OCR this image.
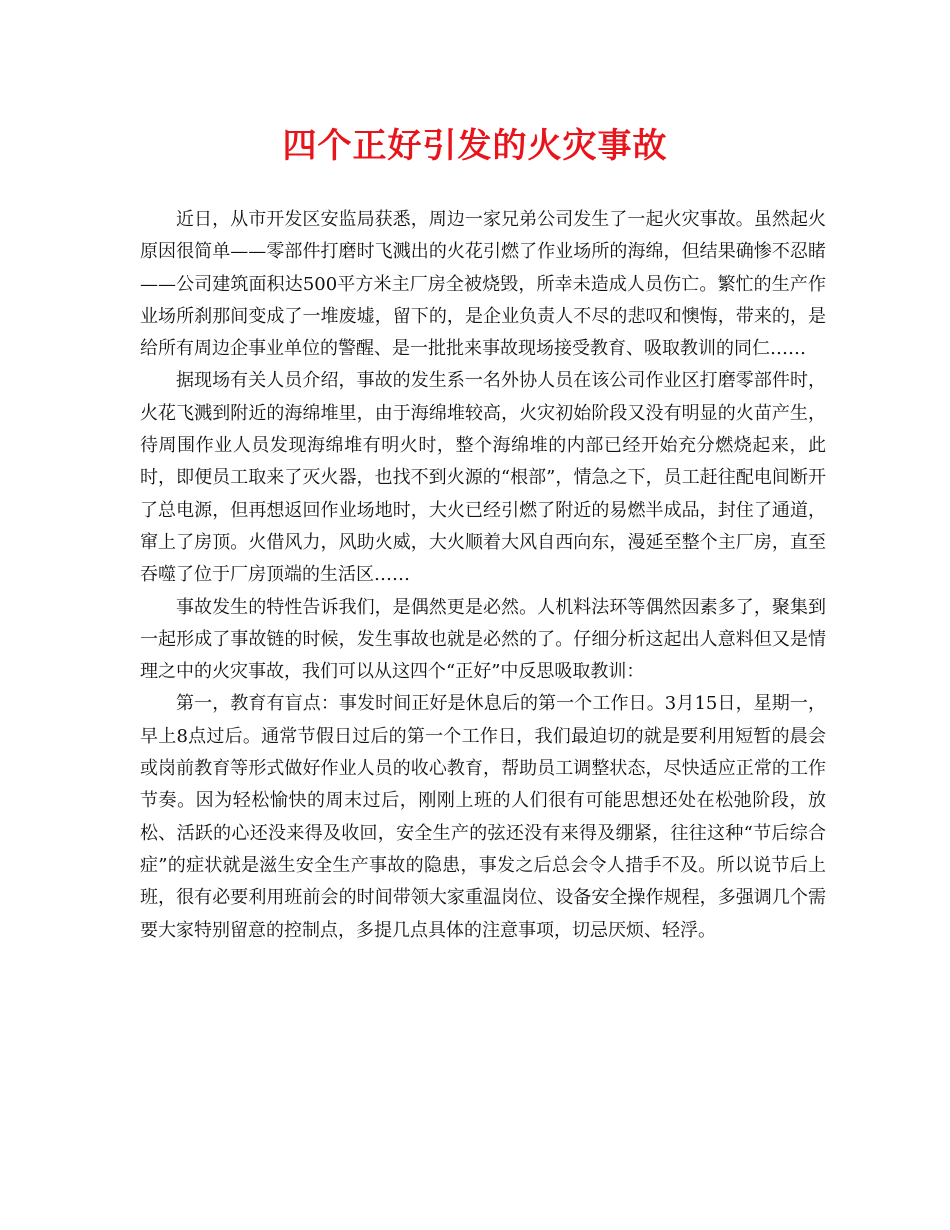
四个正好引发的火灾事故

近日，从市开发区安监局获悉，周边一家兄弟公司发生了一起火灾事故。虽然起火原因很简单——零部件打磨时飞溅出的火花引燃了作业场所的海绵，但结果确惨不忍睹——公司建筑面积达500平方米主厂房全被烧毁，所幸未造成人员伤亡。繁忙的生产作业场所刹那间变成了一堆废墟，留下的，是企业负责人不尽的悲叹和懊悔，带来的，是给所有周边企事业单位的警醒、是一批批来事故现场接受教育、吸取教训的同仁……

据现场有关人员介绍，事故的发生系一名外协人员在该公司作业区打磨零部件时，火花飞溅到附近的海绵堆里，由于海绵堆较高，火灾初始阶段又没有明显的火苗产生，待周围作业人员发现海绵堆有明火时，整个海绵堆的内部已经开始充分燃烧起来，此时，即便员工取来了灭火器，也找不到火源的“根部”，情急之下，员工赶往配电间断开了总电源，但再想返回作业场地时，大火已经引燃了附近的易燃半成品，封住了通道，窜上了房顶。火借风力，风助火威，大火顺着大风自西向东，漫延至整个主厂房，直至吞噬了位于厂房顶端的生活区……

事故发生的特性告诉我们，是偶然更是必然。人机料法环等偶然因素多了，聚集到一起形成了事故链的时候，发生事故也就是必然的了。仔细分析这起出人意料但又是情理之中的火灾事故，我们可以从这四个“正好”中反思吸取教训：

第一，教育有盲点：事发时间正好是休息后的第一个工作日。3月15日，星期一，早上8点过后。通常节假日过后的第一个工作日，我们最迫切的就是要利用短暂的晨会或岗前教育等形式做好作业人员的收心教育，帮助员工调整状态，尽快适应正常的工作节奏。因为轻松愉快的周末过后，刚刚上班的人们很有可能思想还处在松弛阶段，放松、活跃的心还没来得及收回，安全生产的弦还没有来得及绷紧，往往这种“节后综合症”的症状就是滋生安全生产事故的隐患，事发之后总会令人措手不及。所以说节后上班，很有必要利用班前会的时间带领大家重温岗位、设备安全操作规程，多强调几个需要大家特别留意的控制点，多提几点具体的注意事项，切忌厌烦、轻浮。
